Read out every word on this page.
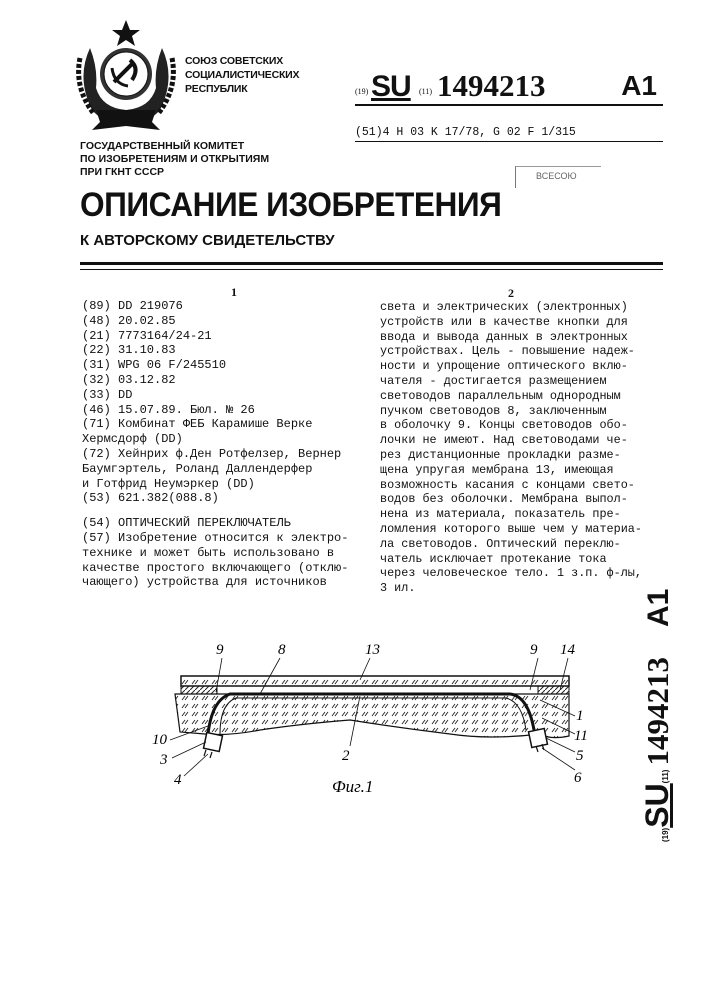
СОЮЗ СОВЕТСКИХ
СОЦИАЛИСТИЧЕСКИХ
РЕСПУБЛИК	(19) SU (11) 1494213	A1
(51)4 H 03 K 17/78, G 02 F 1/315
ГОСУДАРСТВЕННЫЙ КОМИТЕТ
ПО ИЗОБРЕТЕНИЯМ И ОТКРЫТИЯМ
ПРИ ГКНТ СССР	ВСЕСОЮ
ОПИСАНИЕ ИЗОБРЕТЕНИЯ
К АВТОРСКОМУ СВИДЕТЕЛЬСТВУ
1	2
(89) DD 219076
(48) 20.02.85
(21) 7773164/24-21
(22) 31.10.83
(31) WPG 06 F/245510
(32) 03.12.82
(33) DD
(46) 15.07.89. Бюл. № 26
(71) Комбинат ФЕБ Карамише Верке
Хермсдорф (DD)
(72) Хейнрих ф.Ден Ротфелзер, Вернер
Баумгэртель, Роланд Даллендерфер
и Готфрид Неумэркер (DD)
(53) 621.382(088.8)
(54) ОПТИЧЕСКИЙ ПЕРЕКЛЮЧАТЕЛЬ
(57) Изобретение относится к электро-
технике и может быть использовано в
качестве простого включающего (отклю-
чающего) устройства для источников
света и электрических (электронных)
устройств или в качестве кнопки для
ввода и вывода данных в электронных
устройствах. Цель - повышение надеж-
ности и упрощение оптического вклю-
чателя - достигается размещением
световодов параллельным однородным
пучком световодов 8, заключенным
в оболочку 9. Концы световодов обо-
лочки не имеют. Над световодами че-
рез дистанционные прокладки разме-
щена упругая мембрана 13, имеющая
возможность касания с концами свето-
водов без оболочки. Мембрана выпол-
нена из материала, показатель пре-
ломления которого выше чем у материа-
ла световодов. Оптический переклю-
чатель исключает протекание тока
через человеческое тело. 1 з.п. ф-лы,
3 ил.
(19)SU(11)1494213A1
9	8	13	9 14
1
11
5
6
2
10
3
4	Фиг.1
